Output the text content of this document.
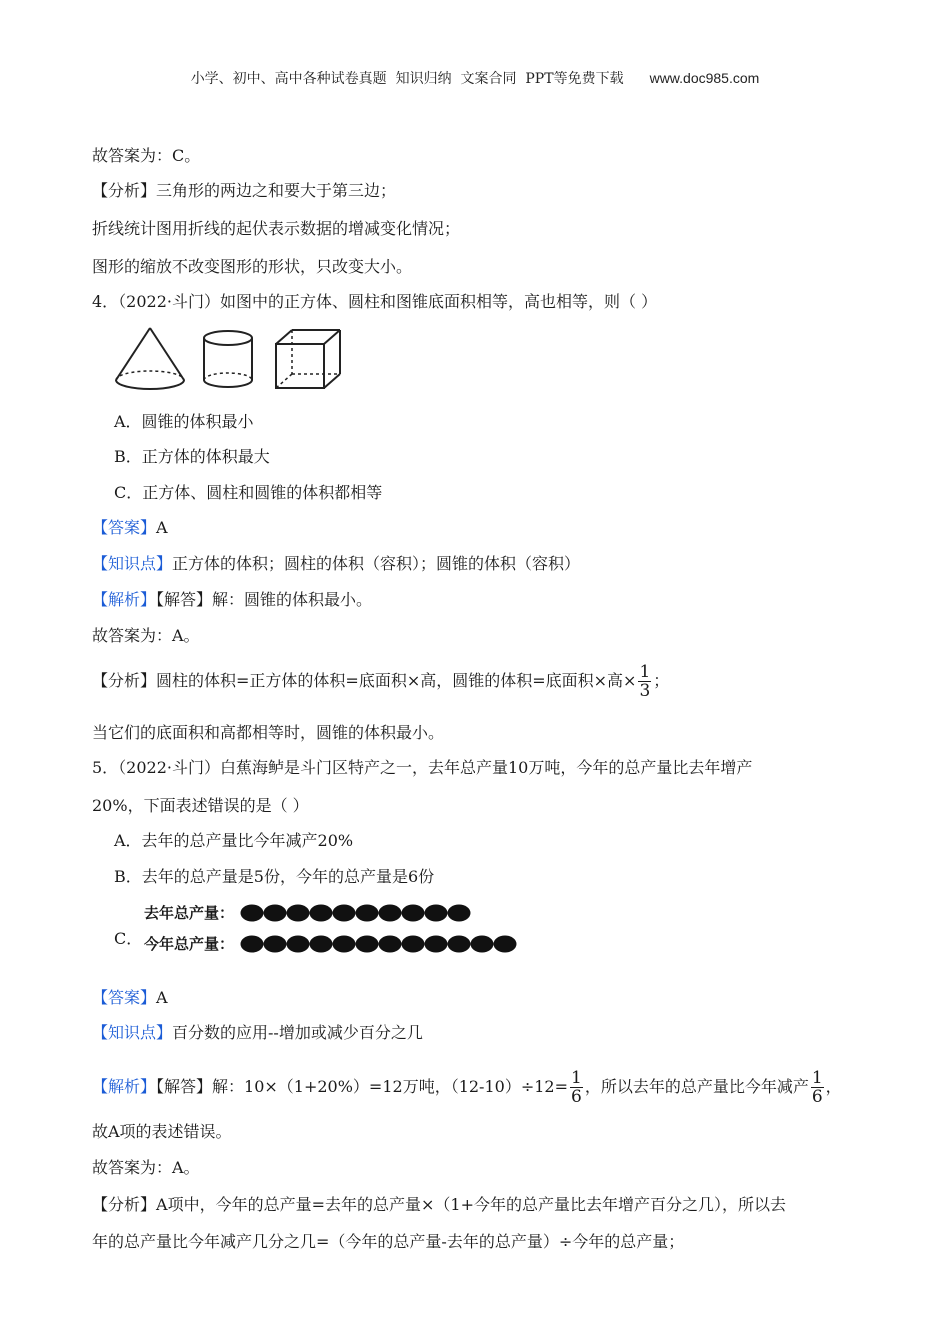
小学、初中、高中各种试卷真题  知识归纳  文案合同  PPT等免费下载 www.doc985.com
故答案为：C。
【分析】三角形的两边之和要大于第三边；
折线统计图用折线的起伏表示数据的增减变化情况；
图形的缩放不改变图形的形状，只改变大小。
4．（2022·斗门）如图中的正方体、圆柱和图锥底面积相等，高也相等，则（ ）
A．圆锥的体积最小
B．正方体的体积最大
C．正方体、圆柱和圆锥的体积都相等
【答案】A
【知识点】正方体的体积；圆柱的体积（容积）；圆锥的体积（容积）
【解析】【解答】解：圆锥的体积最小。
故答案为：A。
【分析】圆柱的体积=正方体的体积=底面积×高，圆锥的体积=底面积×高× $\frac{1}{3}$ ；
当它们的底面积和高都相等时，圆锥的体积最小。
5．（2022·斗门）白蕉海鲈是斗门区特产之一，去年总产量10万吨，今年的总产量比去年增产
20%，下面表述错误的是（ ）
A．去年的总产量比今年减产20%
B．去年的总产量是5份，今年的总产量是6份
C．
去年总产量：
今年总产量：
【答案】A
【知识点】百分数的应用--增加或减少百分之几
【解析】【解答】解：10×（1+20%）=12万吨，$(12-10)\div 12= \frac{1}{6}$ ，所以去年的总产量比今年减产 $\frac{1}{6}$ ，
故A项的表述错误。
故答案为：A。
【分析】A项中，今年的总产量=去年的总产量×（1+今年的总产量比去年增产百分之几），所以去
年的总产量比今年减产几分之几=（今年的总产量-去年的总产量）÷今年的总产量；
